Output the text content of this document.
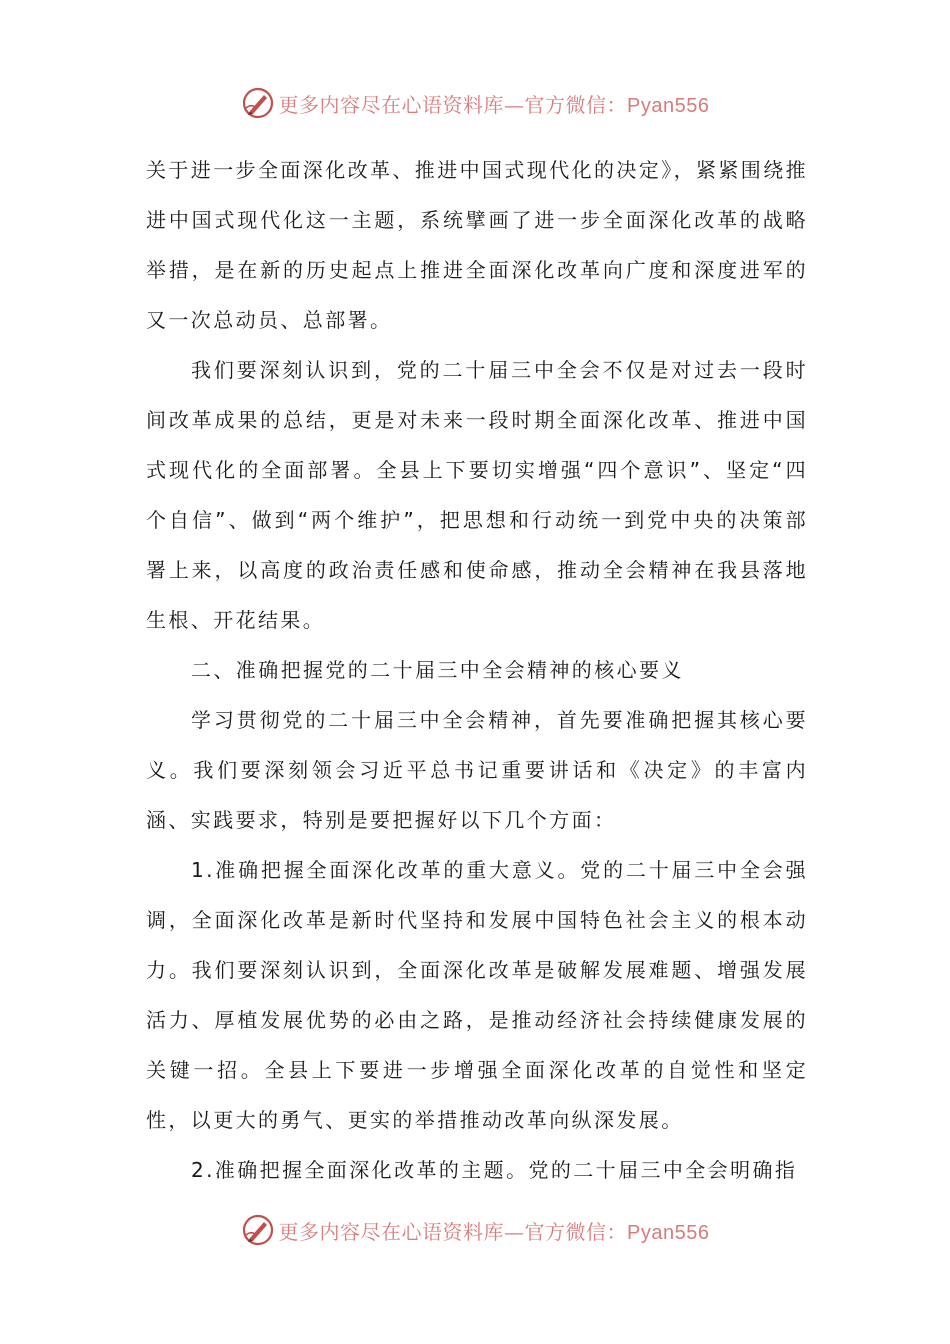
更多内容尽在心语资料库—官方微信：Pyan556

关于进一步全面深化改革、推进中国式现代化的决定》，紧紧围绕推进中国式现代化这一主题，系统擘画了进一步全面深化改革的战略举措，是在新的历史起点上推进全面深化改革向广度和深度进军的又一次总动员、总部署。

我们要深刻认识到，党的二十届三中全会不仅是对过去一段时间改革成果的总结，更是对未来一段时期全面深化改革、推进中国式现代化的全面部署。全县上下要切实增强“四个意识”、坚定“四个自信”、做到“两个维护”，把思想和行动统一到党中央的决策部署上来，以高度的政治责任感和使命感，推动全会精神在我县落地生根、开花结果。

二、准确把握党的二十届三中全会精神的核心要义

学习贯彻党的二十届三中全会精神，首先要准确把握其核心要义。我们要深刻领会习近平总书记重要讲话和《决定》的丰富内涵、实践要求，特别是要把握好以下几个方面：

1.准确把握全面深化改革的重大意义。党的二十届三中全会强调，全面深化改革是新时代坚持和发展中国特色社会主义的根本动力。我们要深刻认识到，全面深化改革是破解发展难题、增强发展活力、厚植发展优势的必由之路，是推动经济社会持续健康发展的关键一招。全县上下要进一步增强全面深化改革的自觉性和坚定性，以更大的勇气、更实的举措推动改革向纵深发展。

2.准确把握全面深化改革的主题。党的二十届三中全会明确指

更多内容尽在心语资料库—官方微信：Pyan556
